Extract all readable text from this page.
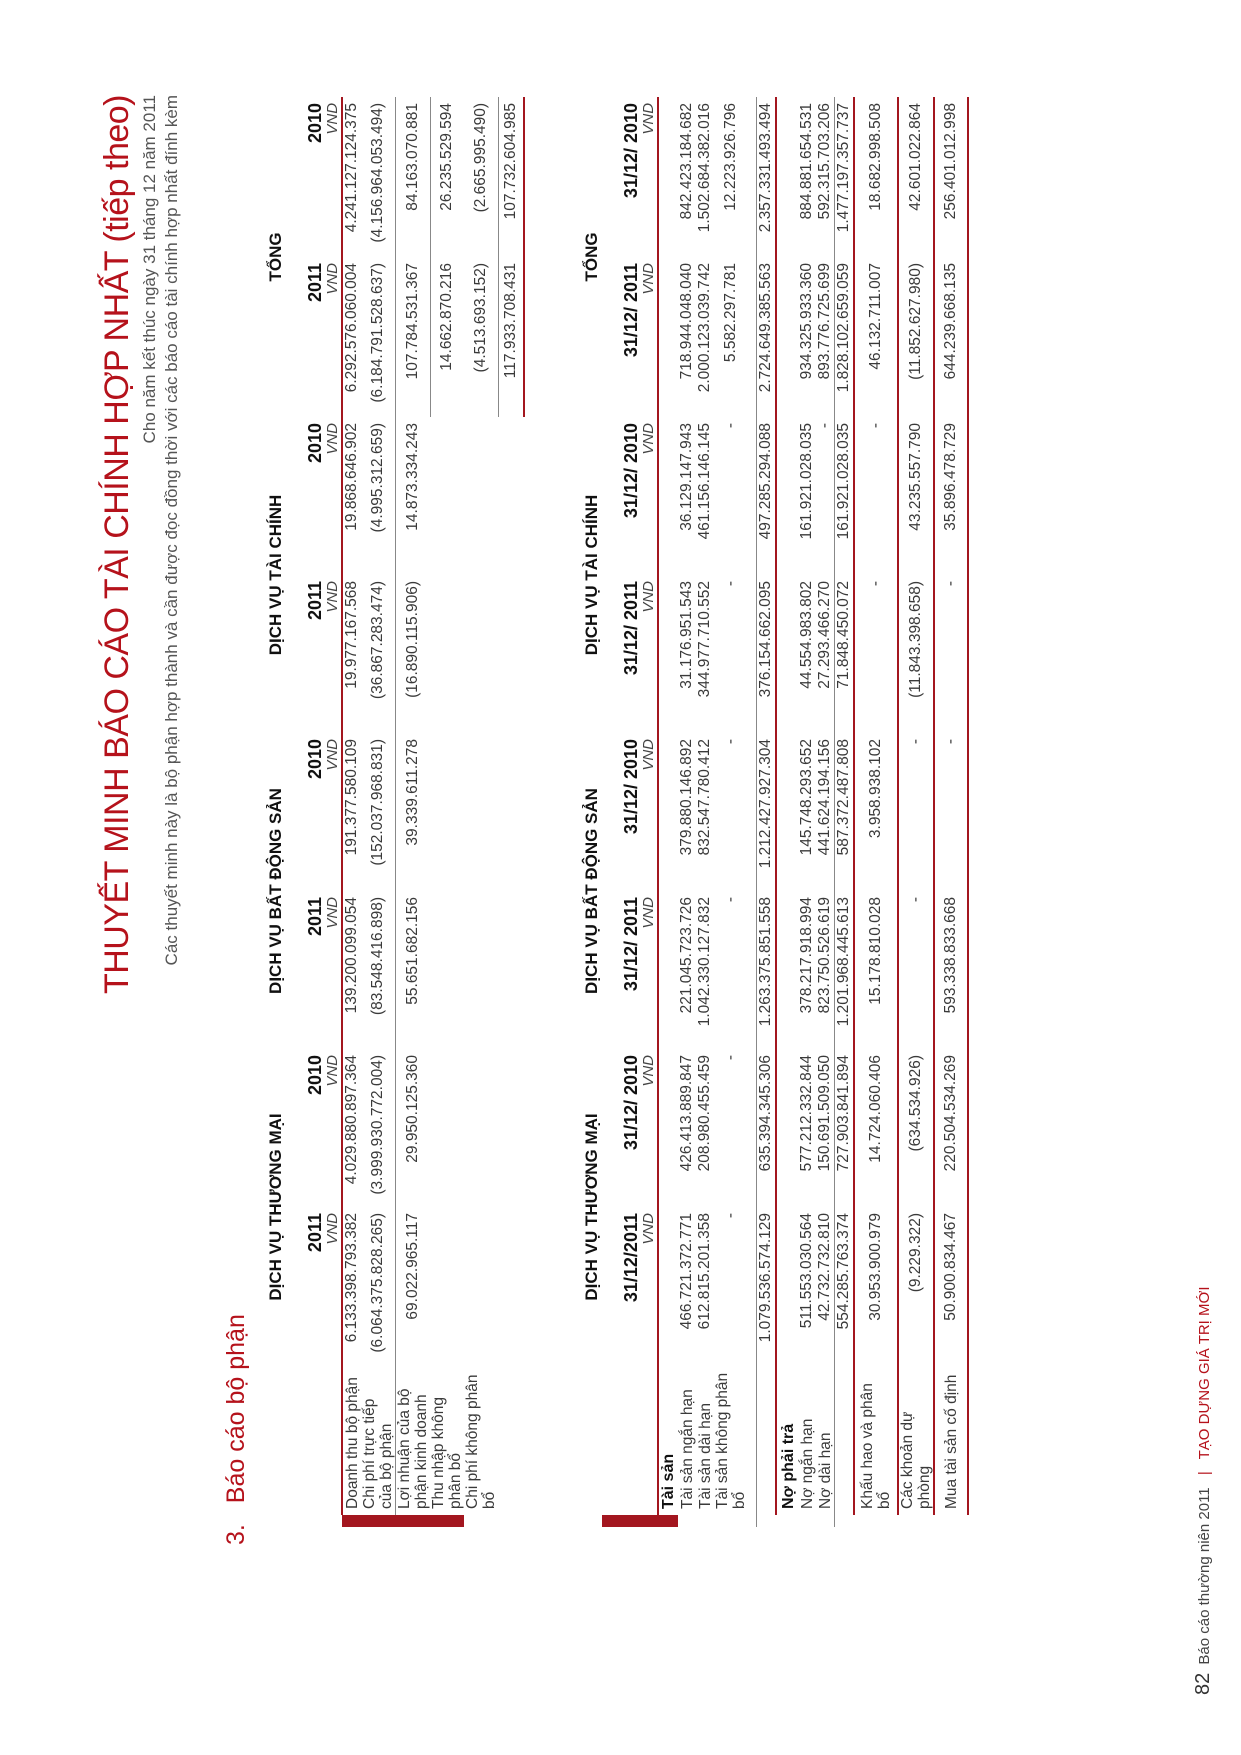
THUYẾT MINH BÁO CÁO TÀI CHÍNH HỢP NHẤT (tiếp theo) Cho năm kết thúc ngày 31 tháng 12 năm 2011 Các thuyết minh này là bộ phận hợp thành và cần được đọc đồng thời với các báo cáo tài chính hợp nhất đính kèm
3. Báo cáo bộ phận
		DỊCH VỤ THƯƠNG MẠI		DỊCH VỤ BẤT ĐỘNG SẢN		DỊCH VỤ TÀI CHÍNH		TỔNG	
		2011 VND	2010 VND	2011 VND	2010 VND	2011 VND	2010 VND	2011 VND	2010 VND

	Doanh thu bộ phận	6.133.398.793.382	4.029.880.897.364	139.200.099.054	191.377.580.109	19.977.167.568	19.868.646.902	6.292.576.060.004	4.241.127.124.375
	Chi phí trực tiếp của bộ phận	(6.064.375.828.265)	(3.999.930.772.004)	(83.548.416.898)	(152.037.968.831)	(36.867.283.474)	(4.995.312.659)	(6.184.791.528.637)	(4.156.964.053.494)
	Lợi nhuận của bộ phận kinh doanh	69.022.965.117	29.950.125.360	55.651.682.156	39.339.611.278	(16.890.115.906)	14.873.334.243	107.784.531.367	84.163.070.881
	Thu nhập không phân bổ							14.662.870.216	26.235.529.594
	Chi phí không phân bổ							(4.513.693.152)	(2.665.995.490)
								117.933.708.431	107.732.604.985
		DỊCH VỤ THƯƠNG MẠI		DỊCH VỤ BẤT ĐỘNG SẢN		DỊCH VỤ TÀI CHÍNH		TỔNG	
		31/12/2011 VND	31/12/ 2010 VND	31/12/ 2011 VND	31/12/ 2010 VND	31/12/ 2011 VND	31/12/ 2010 VND	31/12/ 2011 VND	31/12/ 2010 VND

	Tài sản								
	Tài sản ngắn hạn	466.721.372.771	426.413.889.847	221.045.723.726	379.880.146.892	31.176.951.543	36.129.147.943	718.944.048.040	842.423.184.682
	Tài sản dài hạn	612.815.201.358	208.980.455.459	1.042.330.127.832	832.547.780.412	344.977.710.552	461.156.146.145	2.000.123.039.742	1.502.684.382.016
	Tài sản không phân bổ	-	-	-	-	-	-	5.582.297.781	12.223.926.796

		1.079.536.574.129	635.394.345.306	1.263.375.851.558	1.212.427.927.304	376.154.662.095	497.285.294.088	2.724.649.385.563	2.357.331.493.494
	Nợ phải trả								
	Nợ ngắn hạn	511.553.030.564	577.212.332.844	378.217.918.994	145.748.293.652	44.554.983.802	161.921.028.035	934.325.933.360	884.881.654.531
	Nợ dài hạn	42.732.732.810	150.691.509.050	823.750.526.619	441.624.194.156	27.293.466.270	-	893.776.725.699	592.315.703.206
		554.285.763.374	727.903.841.894	1.201.968.445.613	587.372.487.808	71.848.450.072	161.921.028.035	1.828.102.659.059	1.477.197.357.737
	Khấu hao và phân bổ	30.953.900.979	14.724.060.406	15.178.810.028	3.958.938.102	-	-	46.132.711.007	18.682.998.508
	Các khoản dự phòng	(9.229.322)	(634.534.926)	-	-	(11.843.398.658)	43.235.557.790	(11.852.627.980)	42.601.022.864
	Mua tài sản cố định	50.900.834.467	220.504.534.269	593.338.833.668	-	-	35.896.478.729	644.239.668.135	256.401.012.998
82 Báo cáo thường niên 2011 | TẠO DỰNG GIÁ TRỊ MỚI
